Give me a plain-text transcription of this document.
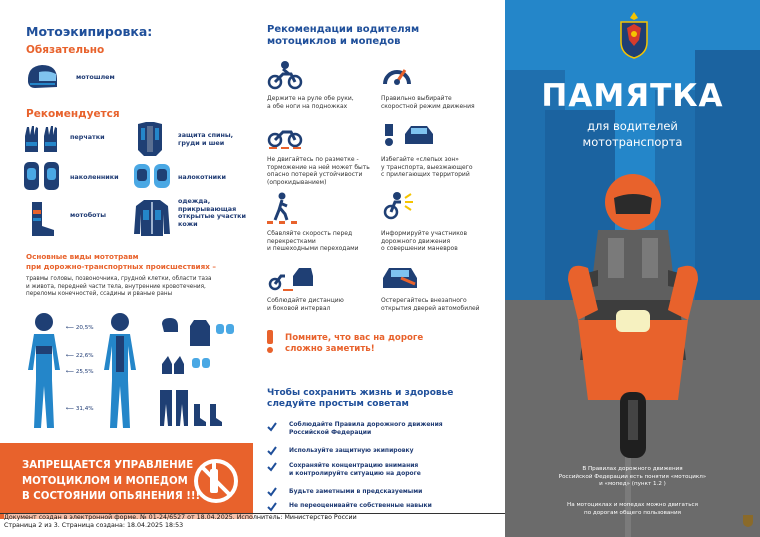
Мотоэкипировка:
Обязательно
мотошлем
Рекомендуется
перчатки	защита спины,
груди и шеи
наколенники	налокотники
мотоботы
одежда,
прикрывающая
открытые участки
кожи
Основные виды мототравм
при дорожно-транспортных происшествиях –
травмы головы, позвоночника, грудной клетки, области таза
и живота, передней части тела, внутренние кровотечения,
переломы конечностей, ссадины и рваные раны
⟵ 20,5%
⟵ 22,6%
⟵ 25,5%
⟵ 31,4%
ЗАПРЕЩАЕТСЯ УПРАВЛЕНИЕ
МОТОЦИКЛОМ И МОПЕДОМ
В СОСТОЯНИИ ОПЬЯНЕНИЯ !!!
Рекомендации водителям
мотоциклов и мопедов
Держите на руле обе руки,
а обе ноги на подножках
Правильно выбирайте
скоростной режим движения
Не двигайтесь по разметке -
торможение на ней может быть
опасно потерей устойчивости
(опрокидыванием)
Избегайте «слепых зон»
у транспорта, выезжающего
с прилегающих территорий
Сбавляйте скорость перед
перекрестками
и пешеходными переходами
Информируйте участников
дорожного движения
о совершении маневров
Соблюдайте дистанцию
и боковой интервал
Остерегайтесь внезапного
открытия дверей автомобилей
Помните, что вас на дороге
сложно заметить!
Чтобы сохранить жизнь и здоровье
следуйте простым советам
Соблюдайте Правила дорожного движения
Российской Федерации
Используйте защитную экипировку
Сохраняйте концентрацию внимания
и контролируйте ситуацию на дороге
Будьте заметными в предсказуемыми
Не переоценивайте собственные навыки
ПАМЯТКА
для водителей
мототранспорта
В Правилах дорожного движения
Российской Федерации есть понятия «мотоцикл»
и «мопед» (пункт 1.2 )
На мотоциклах и мопедах можно двигаться
по дорогам общего пользования
Документ создан в электронной форме. № 01-24/6527 от 18.04.2025. Исполнитель: Министерство России
Страница 2 из 3. Страница создана: 18.04.2025 18:53
